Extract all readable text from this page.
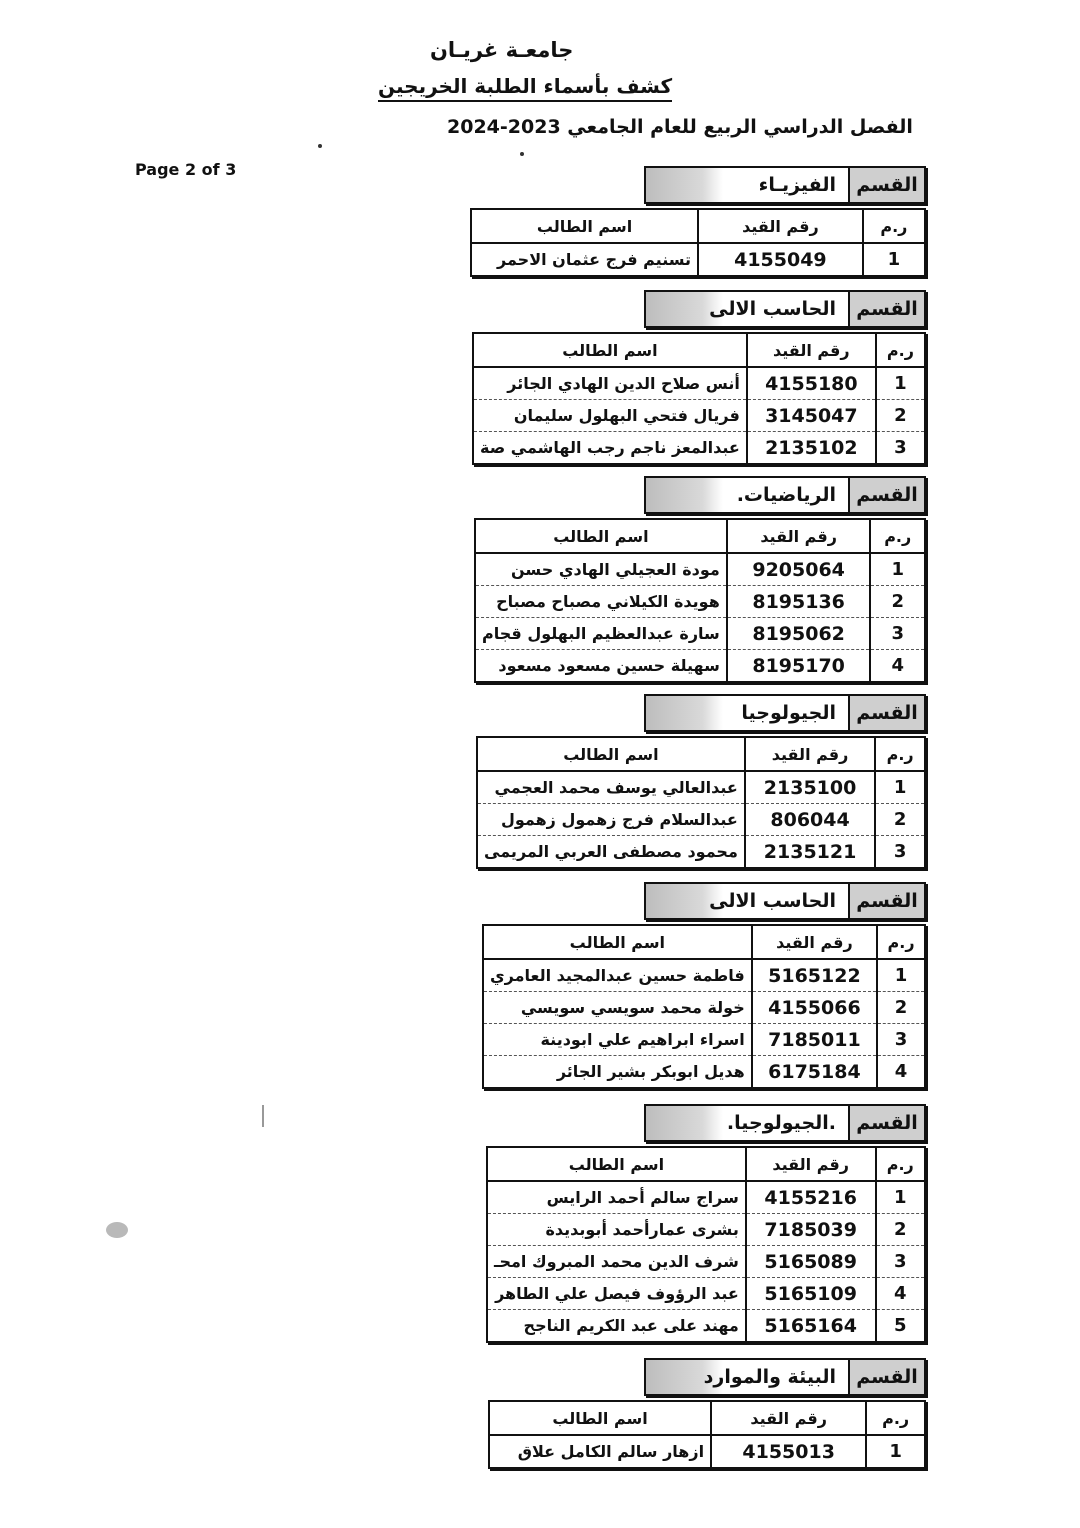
جامعـة غريـان
كشف بأسماء الطلبة الخريجين
الفصل الدراسي الربيع للعام الجامعي 2023-2024
Page 2 of 3
القسم
الفيزيـاء
ر.م	رقم القيد	اسم الطالب
1	4155049	تسنيم فرج عثمان الاحمر
القسم
الحاسب الالى
ر.م	رقم القيد	اسم الطالب
1	4155180	أنس صلاح الدين الهادي الجائر
2	3145047	فريال فتحي البهلول سليمان
3	2135102	عبدالمعز ناجم رجب الهاشمي صة
القسم
الرياضيات.
ر.م	رقم القيد	اسم الطالب
1	9205064	مودة العجيلي الهادي حسن
2	8195136	هويدة الكيلاني مصباح مصباح
3	8195062	سارة عبدالعظيم البهلول قجام
4	8195170	سهيلة حسين مسعود مسعود
القسم
الجيولوجيا
ر.م	رقم القيد	اسم الطالب
1	2135100	عبدالعالي يوسف محمد العجمي
2	806044	عبدالسلام فرج زهمول زهمول
3	2135121	محمود مصطفى العربي المريمى
القسم
الحاسب الالى
ر.م	رقم القيد	اسم الطالب
1	5165122	فاطمة حسين عبدالمجيد العامري
2	4155066	خولة محمد سويسي سويسي
3	7185011	اسراء ابراهيم علي ابودينة
4	6175184	هديل ابوبكر بشير الجائر
القسم
.الجيولوجيا.
ر.م	رقم القيد	اسم الطالب
1	4155216	سراج سالم أحمد الرايس
2	7185039	بشرى عمارأحمد أبوبديدة
3	5165089	شرف الدين محمد المبروك امحـ
4	5165109	عبد الرؤوف فيصل علي الطاهر
5	5165164	مهند على عبد الكريم الناجح
القسم
البيئة والموارد
ر.م	رقم القيد	اسم الطالب
1	4155013	ازهار سالم الكامل علاق
